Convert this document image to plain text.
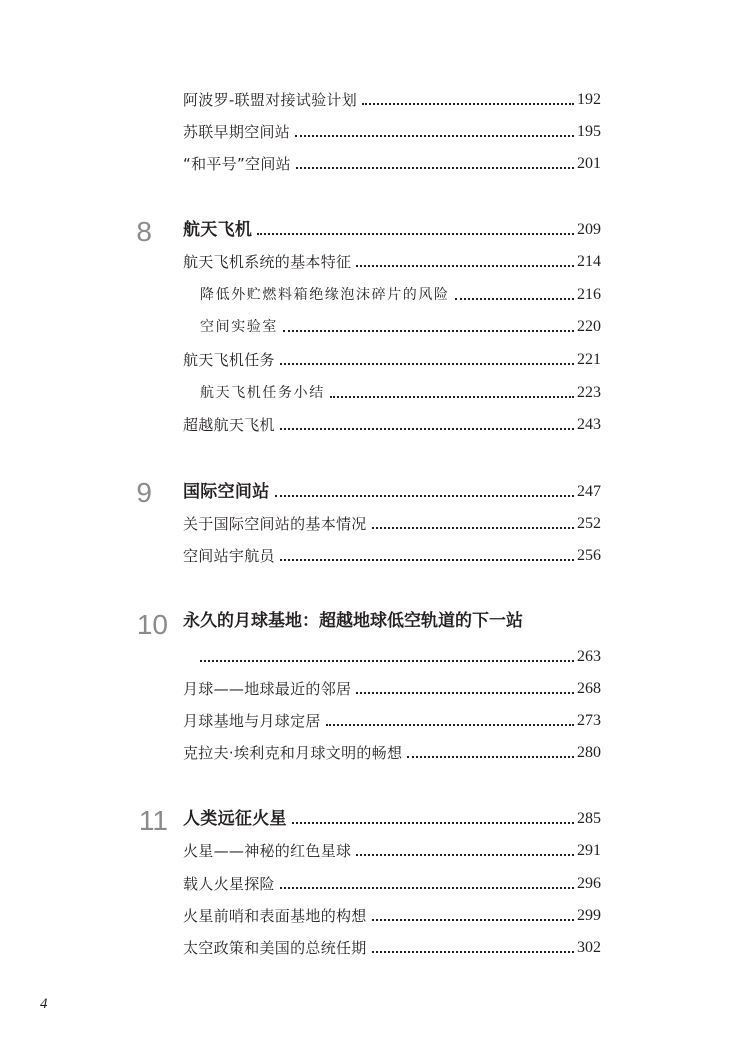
阿波罗-联盟对接试验计划	192
苏联早期空间站	195
“和平号”空间站	201
8 航天飞机	209
航天飞机系统的基本特征	214
降低外贮燃料箱绝缘泡沫碎片的风险	216
空间实验室	220
航天飞机任务	221
航天飞机任务小结	223
超越航天飞机	243
9 国际空间站	247
关于国际空间站的基本情况	252
空间站宇航员	256
10 永久的月球基地：超越地球低空轨道的下一站
263
月球——地球最近的邻居	268
月球基地与月球定居	273
克拉夫·埃利克和月球文明的畅想	280
11 人类远征火星	285
火星——神秘的红色星球	291
载人火星探险	296
火星前哨和表面基地的构想	299
太空政策和美国的总统任期	302
4
